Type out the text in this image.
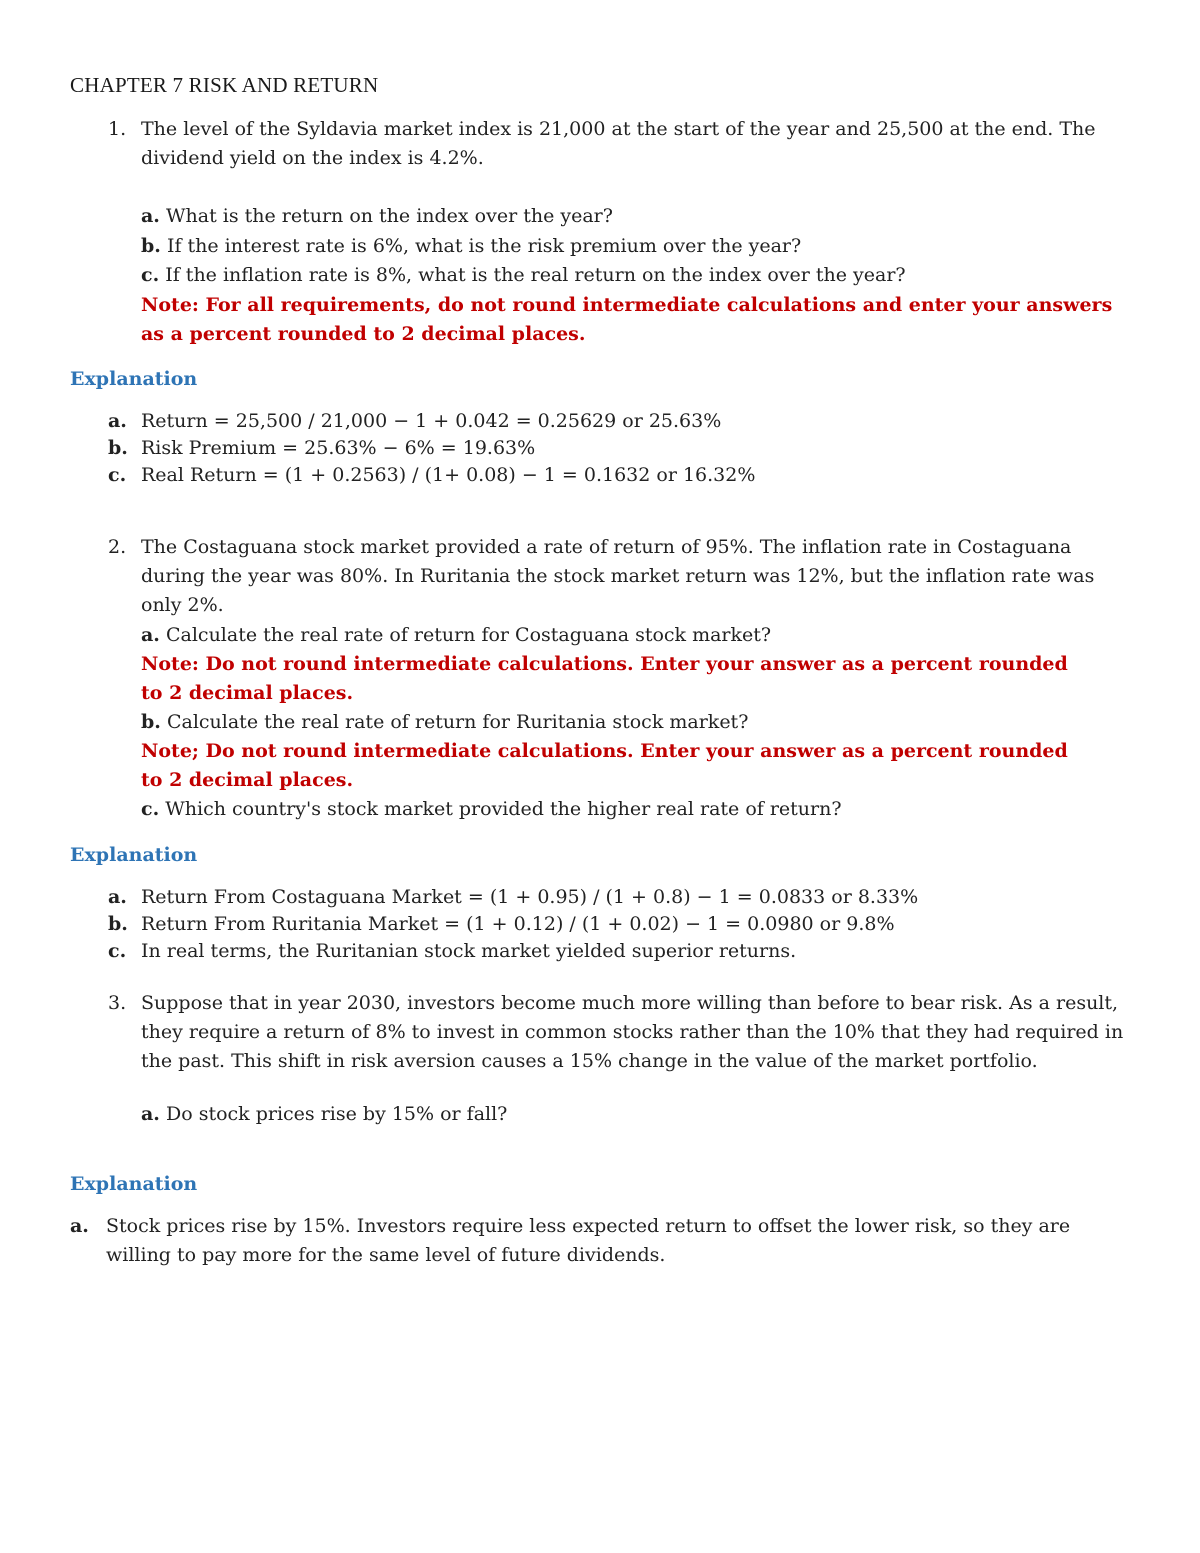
CHAPTER 7 RISK AND RETURN
1. The level of the Syldavia market index is 21,000 at the start of the year and 25,500 at the end. The dividend yield on the index is 4.2%.
a. What is the return on the index over the year?
b. If the interest rate is 6%, what is the risk premium over the year?
c. If the inflation rate is 8%, what is the real return on the index over the year?
Note: For all requirements, do not round intermediate calculations and enter your answers as a percent rounded to 2 decimal places.
Explanation
a. Return = 25,500 / 21,000 − 1 + 0.042 = 0.25629 or 25.63%
b. Risk Premium = 25.63% − 6% = 19.63%
c. Real Return = (1 + 0.2563) / (1+ 0.08) − 1 = 0.1632 or 16.32%
2. The Costaguana stock market provided a rate of return of 95%. The inflation rate in Costaguana during the year was 80%. In Ruritania the stock market return was 12%, but the inflation rate was only 2%.
a. Calculate the real rate of return for Costaguana stock market?
Note: Do not round intermediate calculations. Enter your answer as a percent rounded to 2 decimal places.
b. Calculate the real rate of return for Ruritania stock market?
Note; Do not round intermediate calculations. Enter your answer as a percent rounded to 2 decimal places.
c. Which country's stock market provided the higher real rate of return?
Explanation
a. Return From Costaguana Market = (1 + 0.95) / (1 + 0.8) − 1 = 0.0833 or 8.33%
b. Return From Ruritania Market = (1 + 0.12) / (1 + 0.02) − 1 = 0.0980 or 9.8%
c. In real terms, the Ruritanian stock market yielded superior returns.
3. Suppose that in year 2030, investors become much more willing than before to bear risk. As a result, they require a return of 8% to invest in common stocks rather than the 10% that they had required in the past. This shift in risk aversion causes a 15% change in the value of the market portfolio.
a. Do stock prices rise by 15% or fall?
Explanation
a. Stock prices rise by 15%. Investors require less expected return to offset the lower risk, so they are willing to pay more for the same level of future dividends.
